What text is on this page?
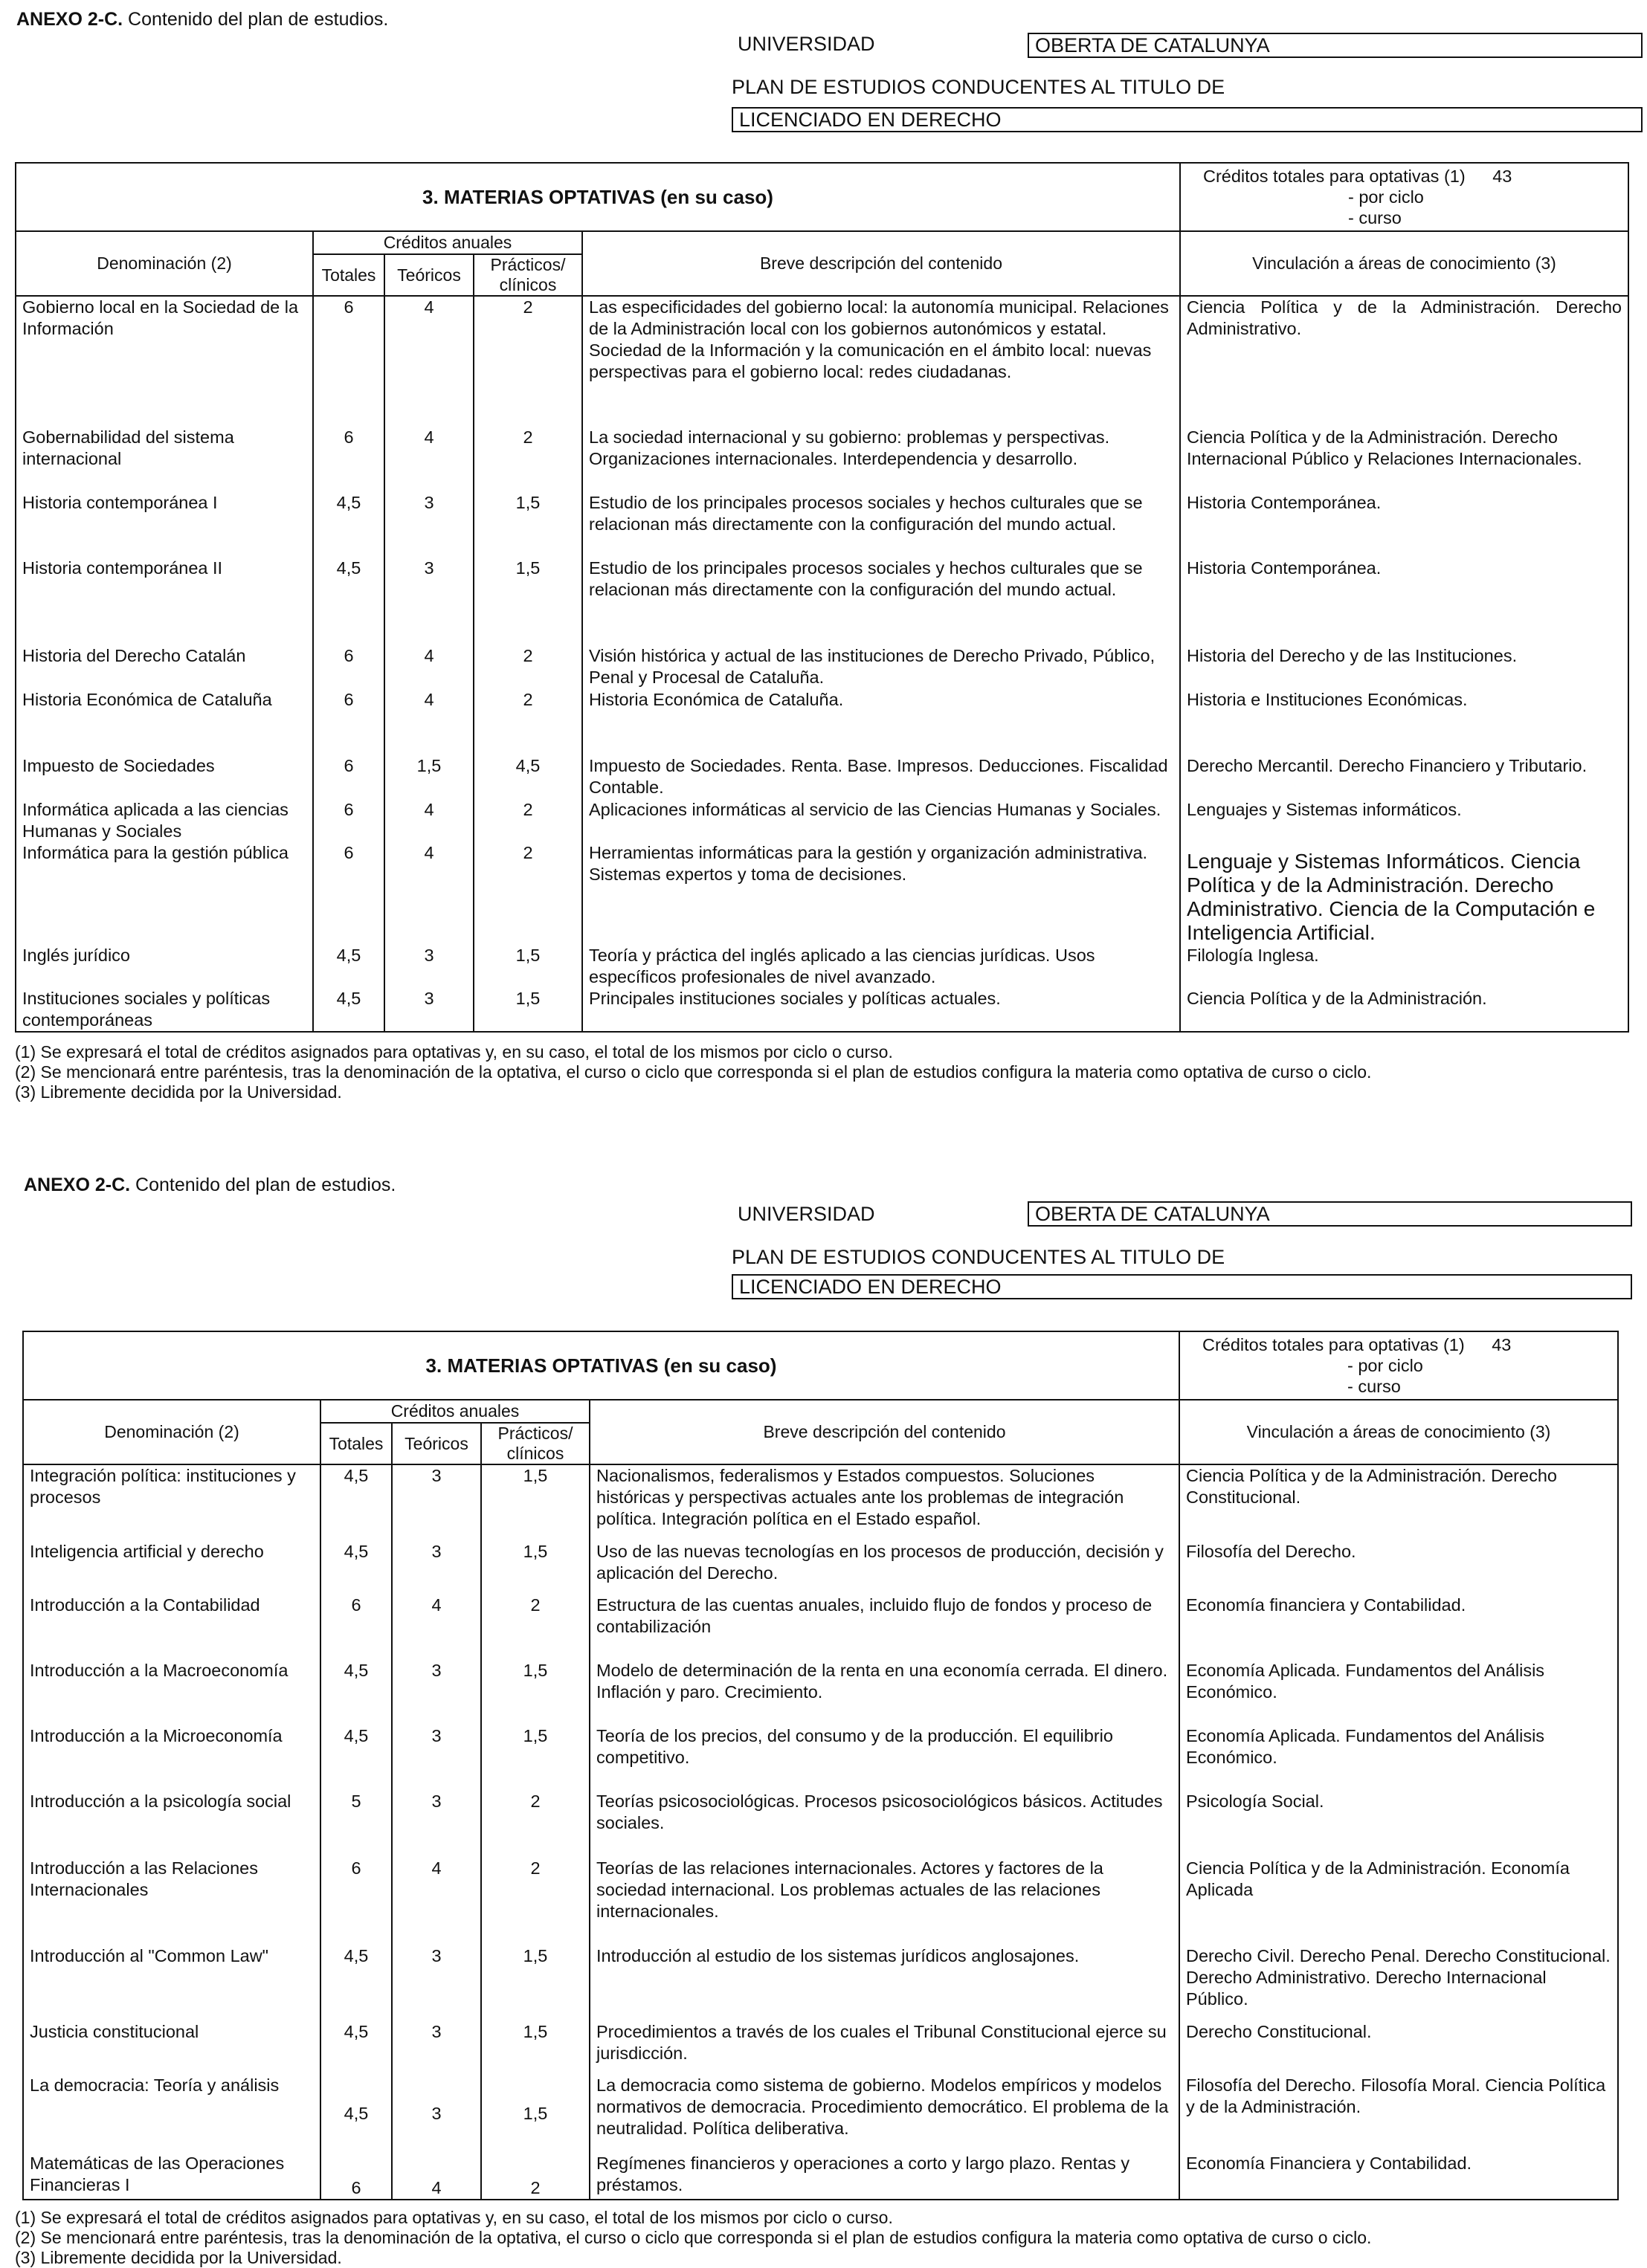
ANEXO 2-C. Contenido del plan de estudios.
UNIVERSIDAD	OBERTA DE CATALUNYA
PLAN DE ESTUDIOS CONDUCENTES AL TITULO DE
LICENCIADO EN DERECHO
3. MATERIAS OPTATIVAS (en su caso)					Créditos totales para optativas (1) 43
- por ciclo
- curso

Denominación (2)	Créditos anuales			Breve descripción del contenido	Vinculación a áreas de conocimiento (3)
	Totales	Teóricos	Prácticos/ clínicos		
Gobierno local en la Sociedad de la Información	6	4	2	Las especificidades del gobierno local: la autonomía municipal. Relaciones de la Administración local con los gobiernos autonómicos y estatal. Sociedad de la Información y la comunicación en el ámbito local: nuevas perspectivas para el gobierno local: redes ciudadanas.	Ciencia Política y de la Administración. Derecho Administrativo.
Gobernabilidad del sistema internacional	6	4	2	La sociedad internacional y su gobierno: problemas y perspectivas. Organizaciones internacionales. Interdependencia y desarrollo.	Ciencia Política y de la Administración. Derecho Internacional Público y Relaciones Internacionales.
Historia contemporánea I	4,5	3	1,5	Estudio de los principales procesos sociales y hechos culturales que se relacionan más directamente con la configuración del mundo actual.	Historia Contemporánea.
Historia contemporánea II	4,5	3	1,5	Estudio de los principales procesos sociales y hechos culturales que se relacionan más directamente con la configuración del mundo actual.	Historia Contemporánea.
Historia del Derecho Catalán	6	4	2	Visión histórica y actual de las instituciones de Derecho Privado, Público, Penal y Procesal de Cataluña.	Historia del Derecho y de las Instituciones.
Historia Económica de Cataluña	6	4	2	Historia Económica de Cataluña.	Historia e Instituciones Económicas.
Impuesto de Sociedades	6	1,5	4,5	Impuesto de Sociedades. Renta. Base. Impresos. Deducciones. Fiscalidad Contable.	Derecho Mercantil. Derecho Financiero y Tributario.
Informática aplicada a las ciencias Humanas y Sociales	6	4	2	Aplicaciones informáticas al servicio de las Ciencias Humanas y Sociales.	Lenguajes y Sistemas informáticos.
Informática para la gestión pública	6	4	2	Herramientas informáticas para la gestión y organización administrativa. Sistemas expertos y toma de decisiones.	Lenguaje y Sistemas Informáticos. Ciencia Política y de la Administración. Derecho Administrativo. Ciencia de la Computación e Inteligencia Artificial.
Inglés jurídico	4,5	3	1,5	Teoría y práctica del inglés aplicado a las ciencias jurídicas. Usos específicos profesionales de nivel avanzado.	Filología Inglesa.
Instituciones sociales y políticas contemporáneas	4,5	3	1,5	Principales instituciones sociales y políticas actuales.	Ciencia Política y de la Administración.
(1) Se expresará el total de créditos asignados para optativas y, en su caso, el total de los mismos por ciclo o curso.
(2) Se mencionará entre paréntesis, tras la denominación de la optativa, el curso o ciclo que corresponda si el plan de estudios configura la materia como optativa de curso o ciclo.
(3) Libremente decidida por la Universidad.
ANEXO 2-C. Contenido del plan de estudios.
UNIVERSIDAD	OBERTA DE CATALUNYA
PLAN DE ESTUDIOS CONDUCENTES AL TITULO DE
LICENCIADO EN DERECHO
3. MATERIAS OPTATIVAS (en su caso)					Créditos totales para optativas (1) 43
- por ciclo
- curso

Denominación (2)	Créditos anuales			Breve descripción del contenido	Vinculación a áreas de conocimiento (3)
	Totales	Teóricos	Prácticos/ clínicos		
Integración política: instituciones y procesos	4,5	3	1,5	Nacionalismos, federalismos y Estados compuestos. Soluciones históricas y perspectivas actuales ante los problemas de integración política. Integración política en el Estado español.	Ciencia Política y de la Administración. Derecho Constitucional.
Inteligencia artificial y derecho	4,5	3	1,5	Uso de las nuevas tecnologías en los procesos de producción, decisión y aplicación del Derecho.	Filosofía del Derecho.
Introducción a la Contabilidad	6	4	2	Estructura de las cuentas anuales, incluido flujo de fondos y proceso de contabilización	Economía financiera y Contabilidad.
Introducción a la Macroeconomía	4,5	3	1,5	Modelo de determinación de la renta en una economía cerrada. El dinero. Inflación y paro. Crecimiento.	Economía Aplicada. Fundamentos del Análisis Económico.
Introducción a la Microeconomía	4,5	3	1,5	Teoría de los precios, del consumo y de la producción. El equilibrio competitivo.	Economía Aplicada. Fundamentos del Análisis Económico.
Introducción a la psicología social	5	3	2	Teorías psicosociológicas. Procesos psicosociológicos básicos. Actitudes sociales.	Psicología Social.
Introducción a las Relaciones Internacionales	6	4	2	Teorías de las relaciones internacionales. Actores y factores de la sociedad internacional. Los problemas actuales de las relaciones internacionales.	Ciencia Política y de la Administración. Economía Aplicada
Introducción al "Common Law"	4,5	3	1,5	Introducción al estudio de los sistemas jurídicos anglosajones.	Derecho Civil. Derecho Penal. Derecho Constitucional. Derecho Administrativo. Derecho Internacional Público.
Justicia constitucional	4,5	3	1,5	Procedimientos a través de los cuales el Tribunal Constitucional ejerce su jurisdicción.	Derecho Constitucional.
La democracia: Teoría y análisis	4,5	3	1,5	La democracia como sistema de gobierno. Modelos empíricos y modelos normativos de democracia. Procedimiento democrático. El problema de la neutralidad. Política deliberativa.	Filosofía del Derecho. Filosofía Moral. Ciencia Política y de la Administración.
Matemáticas de las Operaciones Financieras I	6	4	2	Regímenes financieros y operaciones a corto y largo plazo. Rentas y préstamos.	Economía Financiera y Contabilidad.
(1) Se expresará el total de créditos asignados para optativas y, en su caso, el total de los mismos por ciclo o curso.
(2) Se mencionará entre paréntesis, tras la denominación de la optativa, el curso o ciclo que corresponda si el plan de estudios configura la materia como optativa de curso o ciclo.
(3) Libremente decidida por la Universidad.
